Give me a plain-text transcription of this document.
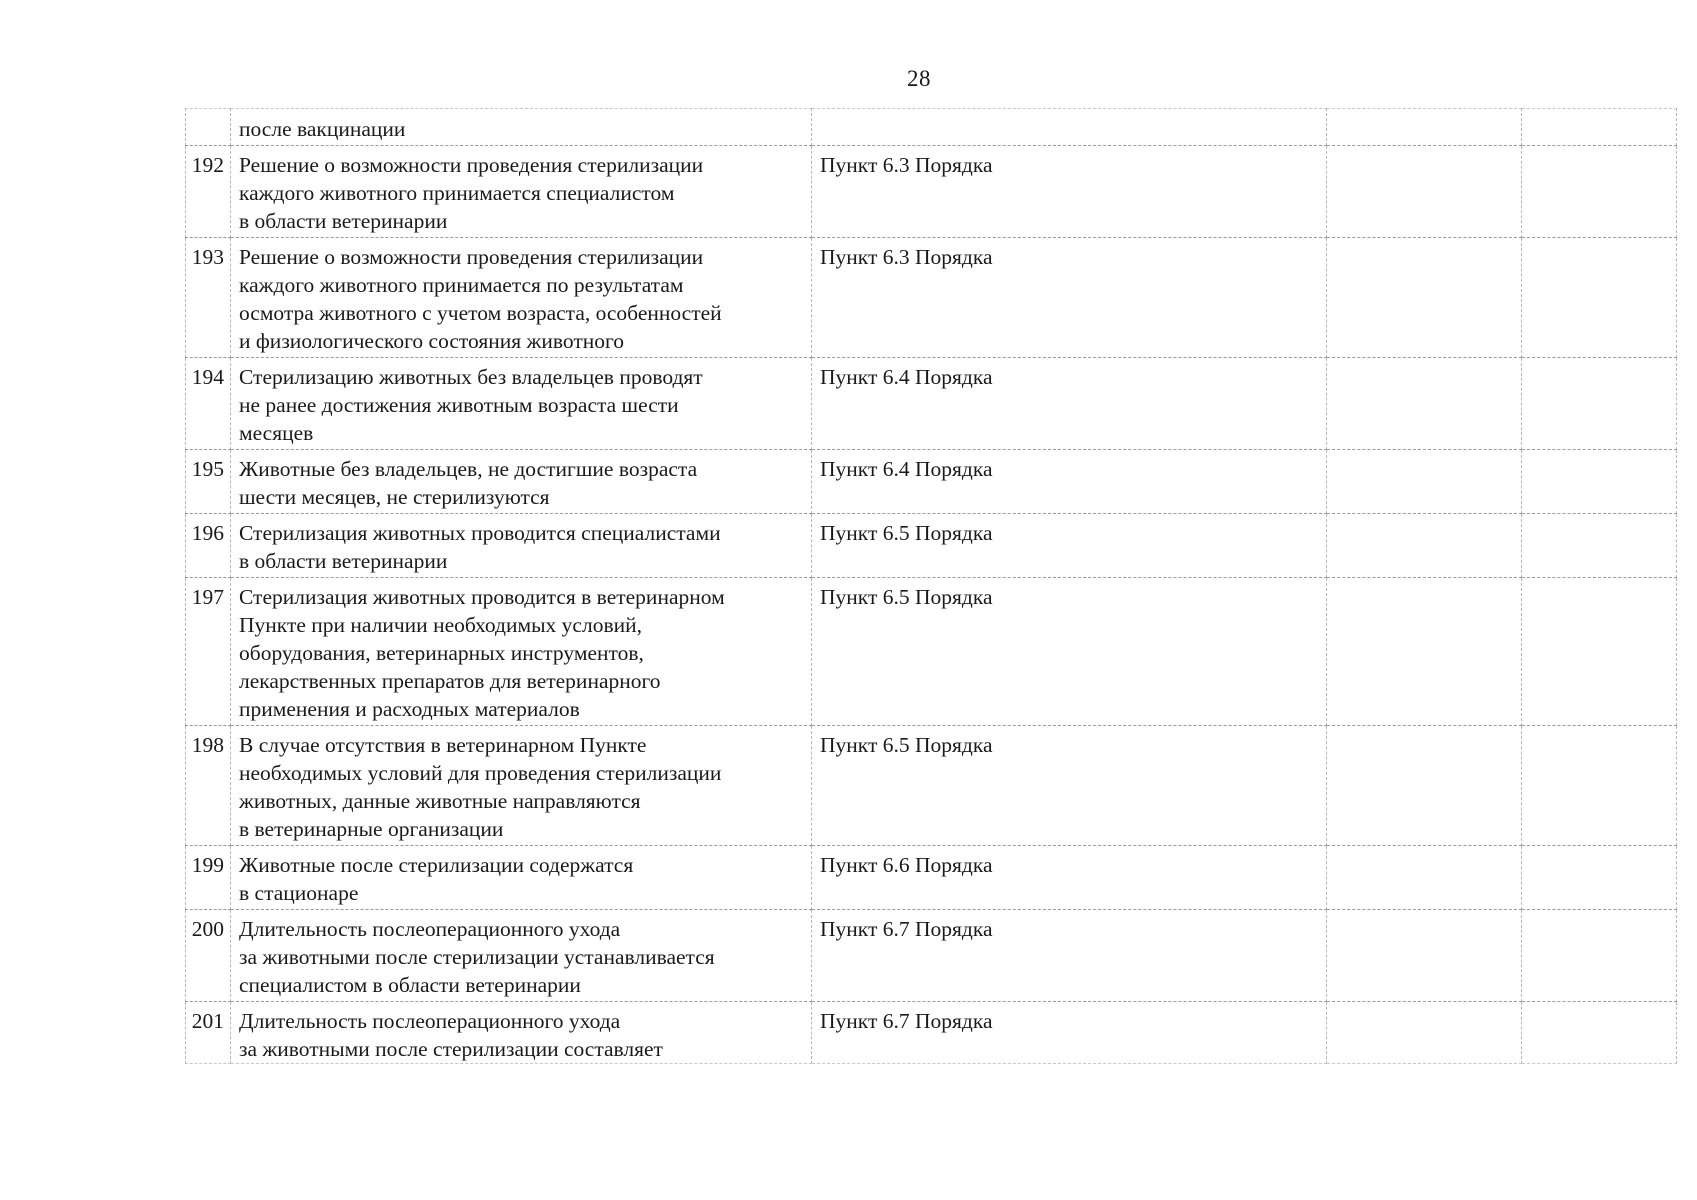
28
	после вакцинации			
192	Решение о возможности проведения стерилизации
каждого животного принимается специалистом
в области ветеринарии	Пункт 6.3 Порядка		
193	Решение о возможности проведения стерилизации
каждого животного принимается по результатам
осмотра животного с учетом возраста, особенностей
и физиологического состояния животного	Пункт 6.3 Порядка		
194	Стерилизацию животных без владельцев проводят
не ранее достижения животным возраста шести
месяцев	Пункт 6.4 Порядка		
195	Животные без владельцев, не достигшие возраста
шести месяцев, не стерилизуются	Пункт 6.4 Порядка		
196	Стерилизация животных проводится специалистами
в области ветеринарии	Пункт 6.5 Порядка		
197	Стерилизация животных проводится в ветеринарном
Пункте при наличии необходимых условий,
оборудования, ветеринарных инструментов,
лекарственных препаратов для ветеринарного
применения и расходных материалов	Пункт 6.5 Порядка		
198	В случае отсутствия в ветеринарном Пункте
необходимых условий для проведения стерилизации
животных, данные животные направляются
в ветеринарные организации	Пункт 6.5 Порядка		
199	Животные после стерилизации содержатся
в стационаре	Пункт 6.6 Порядка		
200	Длительность послеоперационного ухода
за животными после стерилизации устанавливается
специалистом в области ветеринарии	Пункт 6.7 Порядка		
201	Длительность послеоперационного ухода
за животными после стерилизации составляет	Пункт 6.7 Порядка		
